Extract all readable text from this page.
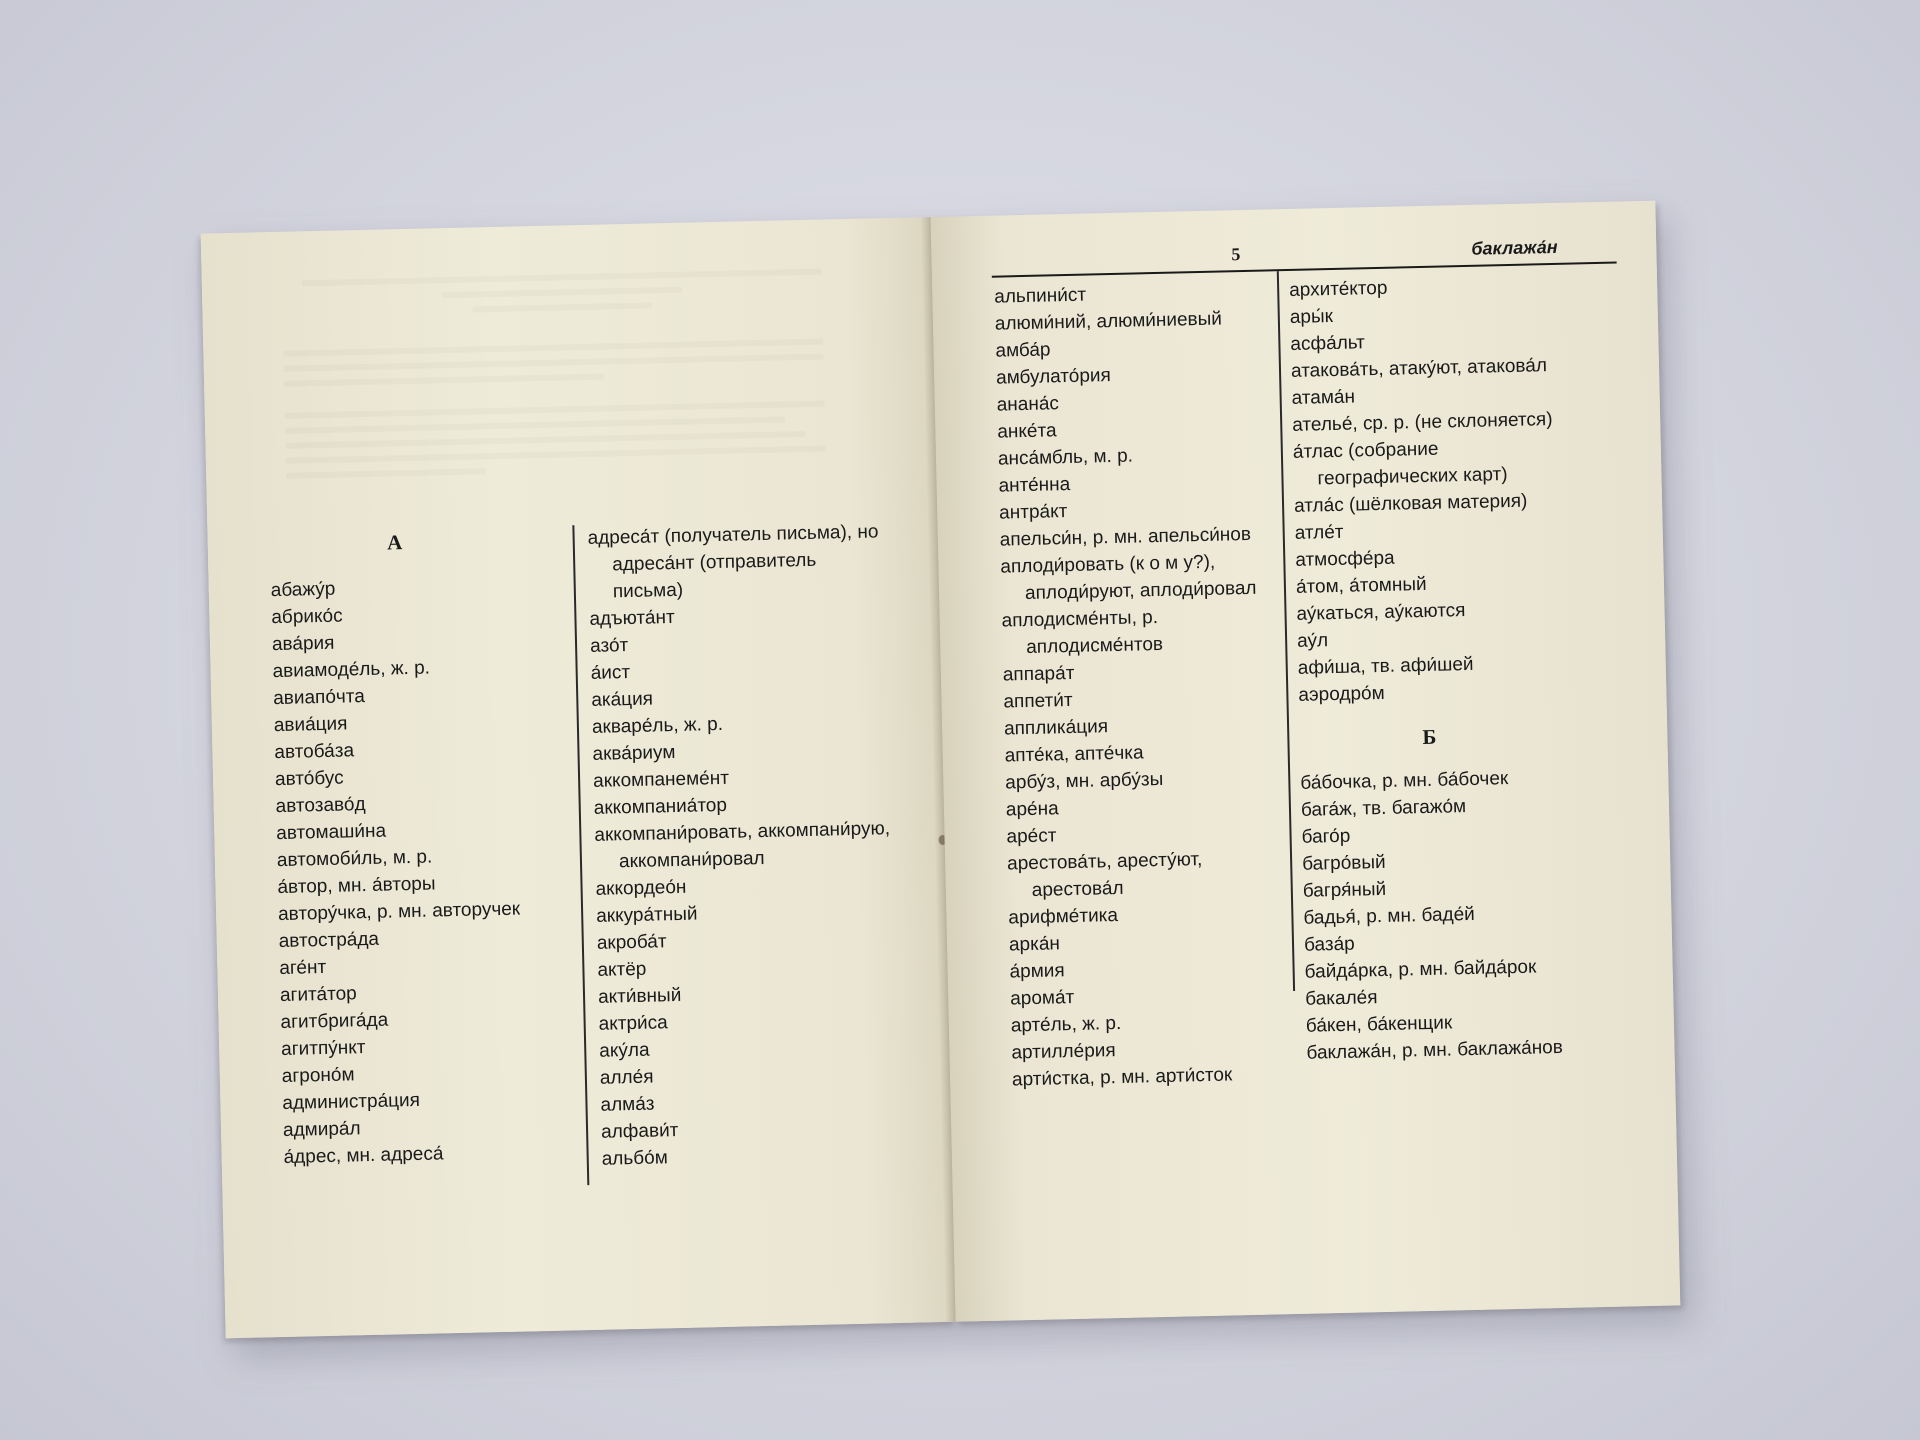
А

абажу́р

абрико́с

ава́рия

авиамоде́ль, ж. р.

авиапо́чта

авиа́ция

автоба́за

авто́бус

автозаво́д

автомаши́на

автомоби́ль, м. р.

а́втор, мн. а́вторы

автору́чка, р. мн. авторучек

автостра́да

аге́нт

агита́тор

агитбрига́да

агитпу́нкт

агроно́м

администра́ция

адмира́л

а́дрес, мн. адреса́

адреса́т (получатель письма), но адреса́нт (отправитель письма)

адъюта́нт

азо́т

а́ист

ака́ция

акваре́ль, ж. р.

аква́риум

аккомпанеме́нт

аккомпаниа́тор

аккомпани́ровать, аккомпани́рую, аккомпани́ровал

аккордео́н

аккура́тный

акроба́т

актёр

акти́вный

актри́са

аку́ла

алле́я

алма́з

алфави́т

альбо́м

5	баклажа́н

альпини́ст

алюми́ний, алюми́ниевый

амба́р

амбулато́рия

анана́с

анке́та

анса́мбль, м. р.

анте́нна

антра́кт

апельси́н, р. мн. апельси́нов

аплоди́ровать (к о м у?), аплоди́руют, аплоди́ровал

аплодисме́нты, р. аплодисме́нтов

аппара́т

аппети́т

апплика́ция

апте́ка, апте́чка

арбу́з, мн. арбу́зы

аре́на

аре́ст

арестова́ть, аресту́ют, арестова́л

арифме́тика

арка́н

а́рмия

арома́т

арте́ль, ж. р.

артилле́рия

арти́стка, р. мн. арти́сток

архите́ктор

ары́к

асфа́льт

атакова́ть, атаку́ют, атакова́л

атама́н

ателье́, ср. р. (не склоняется)

а́тлас (собрание географических карт)

атла́с (шёлковая материя)

атле́т

атмосфе́ра

а́том, а́томный

ау́каться, ау́каются

ау́л

афи́ша, тв. афи́шей

аэродро́м

Б

ба́бочка, р. мн. ба́бочек

бага́ж, тв. багажо́м

баго́р

багро́вый

багря́ный

бадья́, р. мн. баде́й

база́р

байда́рка, р. мн. байда́рок

бакале́я

ба́кен, ба́кенщик

баклажа́н, р. мн. баклажа́нов
